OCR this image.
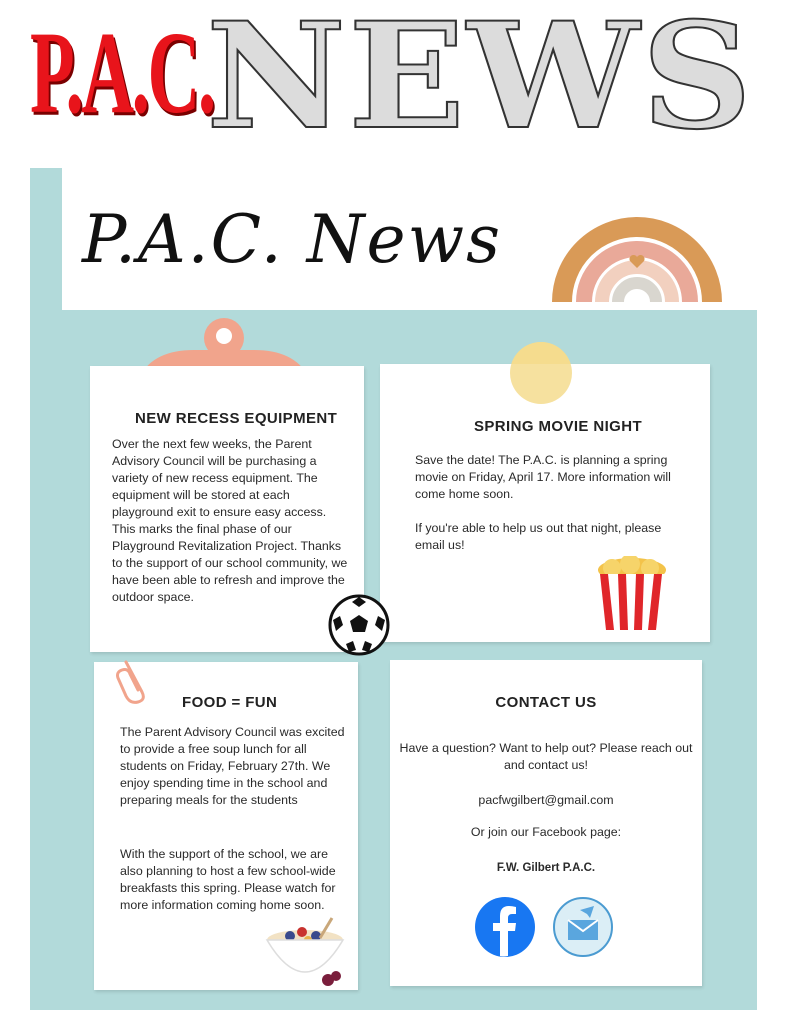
P.A.C.
NEWS
P.A.C. News
NEW RECESS EQUIPMENT

Over the next few weeks, the Parent Advisory Council will be purchasing a variety of new recess equipment. The equipment will be stored at each playground exit to ensure easy access. This marks the final phase of our Playground Revitalization Project. Thanks to the support of our school community, we have been able to refresh and improve the outdoor space.

SPRING MOVIE NIGHT

Save the date! The P.A.C. is planning a spring movie on Friday, April 17. More information will come home soon.

If you're able to help us out that night, please email us!

FOOD = FUN

The Parent Advisory Council was excited to provide a free soup lunch for all students on Friday, February 27th. We enjoy spending time in the school and preparing meals for the students

With the support of the school, we are also planning to host a few school-wide breakfasts this spring. Please watch for more information coming home soon.

CONTACT US

Have a question? Want to help out? Please reach out and contact us!

pacfwgilbert@gmail.com

Or join our Facebook page:

F.W. Gilbert P.A.C.
